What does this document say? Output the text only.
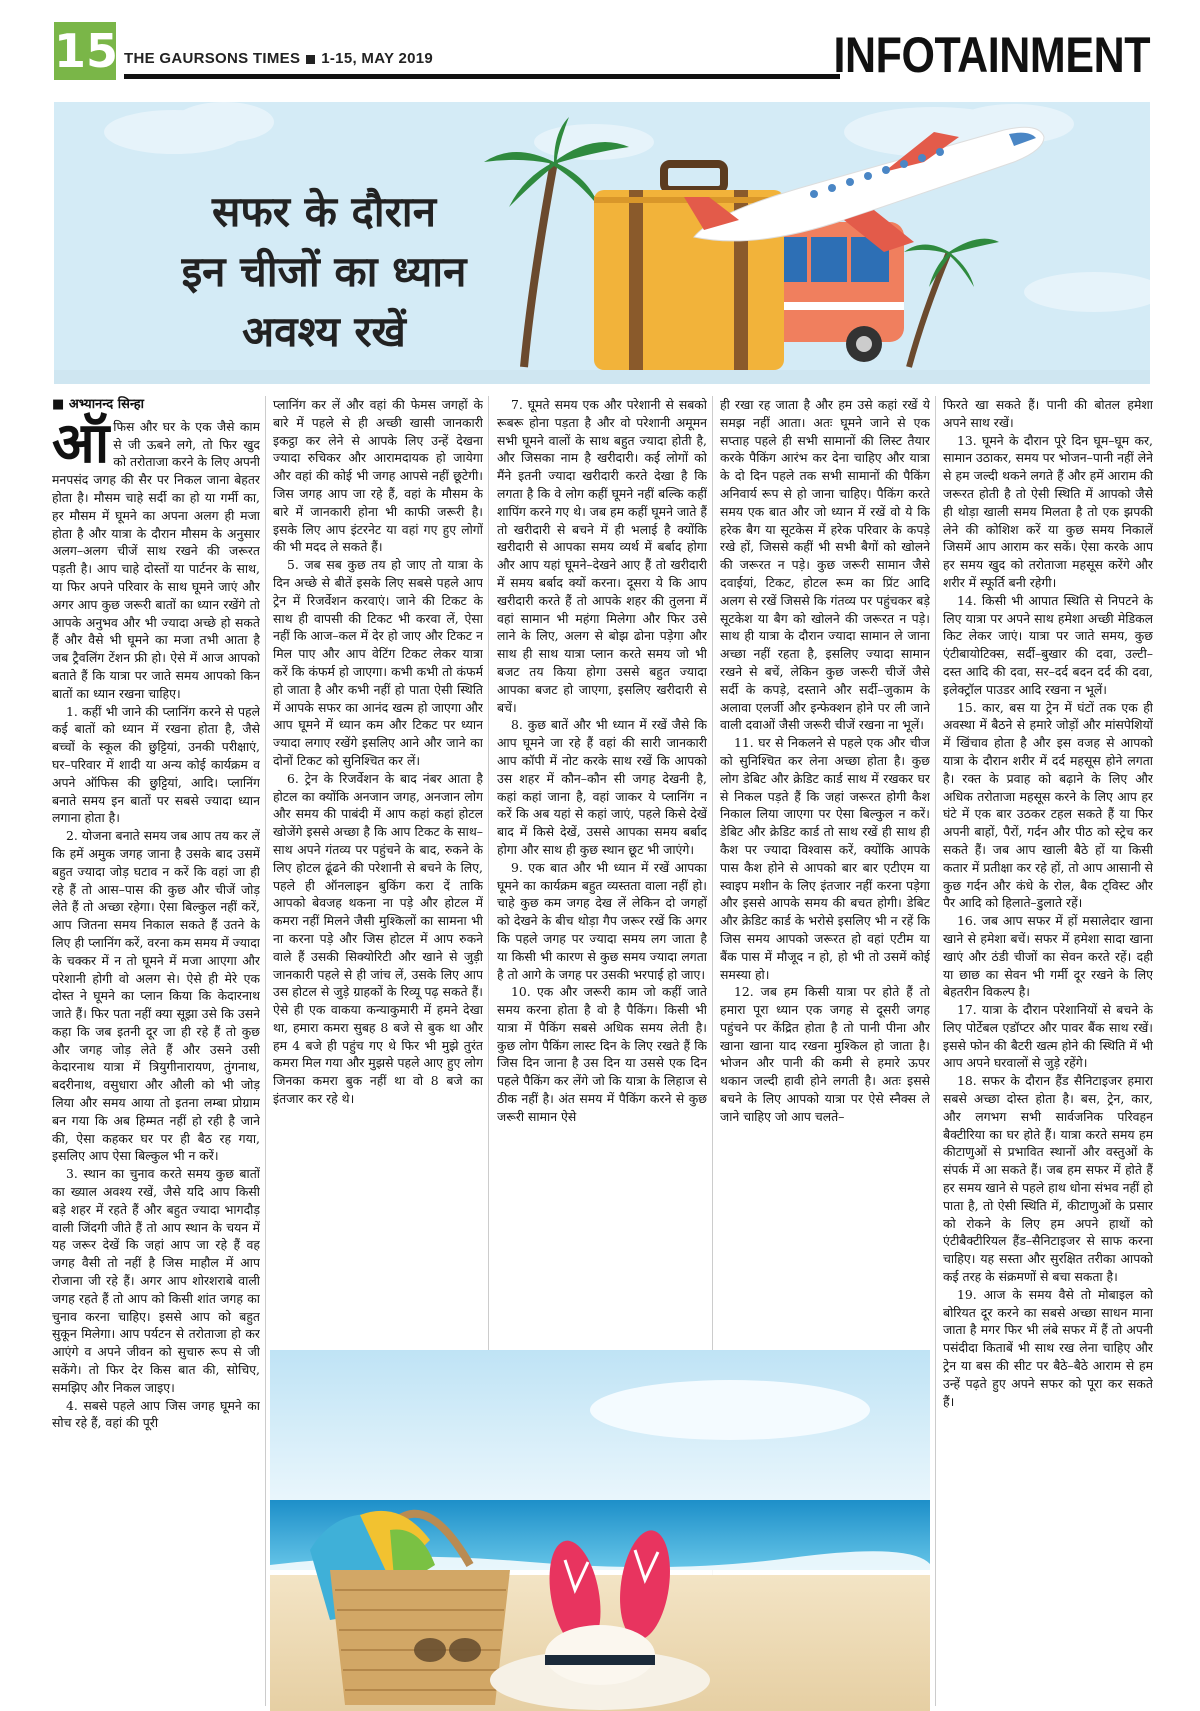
15 THE GAURSONS TIMES 1-15, MAY 2019	INFOTAINMENT
सफर के दौरान
इन चीजों का ध्यान
अवश्य रखें
■ अभ्यानन्द सिन्हा

ऑफिस और घर के एक जैसे काम से जी ऊबने लगे, तो फिर खुद को तरोताजा करने के लिए अपनी मनपसंद जगह की सैर पर निकल जाना बेहतर होता है। मौसम चाहे सर्दी का हो या गर्मी का, हर मौसम में घूमने का अपना अलग ही मजा होता है और यात्रा के दौरान मौसम के अनुसार अलग–अलग चीजें साथ रखने की जरूरत पड़ती है। आप चाहे दोस्तों या पार्टनर के साथ, या फिर अपने परिवार के साथ घूमने जाएं और अगर आप कुछ जरूरी बातों का ध्यान रखेंगे तो आपके अनुभव और भी ज्यादा अच्छे हो सकते हैं और वैसे भी घूमने का मजा तभी आता है जब ट्रैवलिंग टेंशन फ्री हो। ऐसे में आज आपको बताते हैं कि यात्रा पर जाते समय आपको किन बातों का ध्यान रखना चाहिए।

1. कहीं भी जाने की प्लानिंग करने से पहले कई बातों को ध्यान में रखना होता है, जैसे बच्चों के स्कूल की छुट्टियां, उनकी परीक्षाएं, घर–परिवार में शादी या अन्य कोई कार्यक्रम व अपने ऑफिस की छुट्टियां, आदि। प्लानिंग बनाते समय इन बातों पर सबसे ज्यादा ध्यान लगाना होता है।

2. योजना बनाते समय जब आप तय कर लें कि हमें अमुक जगह जाना है उसके बाद उसमें बहुत ज्यादा जोड़ घटाव न करें कि वहां जा ही रहे हैं तो आस–पास की कुछ और चीजें जोड़ लेते हैं तो अच्छा रहेगा। ऐसा बिल्कुल नहीं करें, आप जितना समय निकाल सकते हैं उतने के लिए ही प्लानिंग करें, वरना कम समय में ज्यादा के चक्कर में न तो घूमने में मजा आएगा और परेशानी होगी वो अलग से। ऐसे ही मेरे एक दोस्त ने घूमने का प्लान किया कि केदारनाथ जाते हैं। फिर पता नहीं क्या सूझा उसे कि उसने कहा कि जब इतनी दूर जा ही रहे हैं तो कुछ और जगह जोड़ लेते हैं और उसने उसी केदारनाथ यात्रा में त्रियुगीनारायण, तुंगनाथ, बदरीनाथ, वसुधारा और औली को भी जोड़ लिया और समय आया तो इतना लम्बा प्रोग्राम बन गया कि अब हिम्मत नहीं हो रही है जाने की, ऐसा कहकर घर पर ही बैठ रह गया, इसलिए आप ऐसा बिल्कुल भी न करें।

3. स्थान का चुनाव करते समय कुछ बातों का ख्याल अवश्य रखें, जैसे यदि आप किसी बड़े शहर में रहते हैं और बहुत ज्यादा भागदौड़ वाली जिंदगी जीते हैं तो आप स्थान के चयन में यह जरूर देखें कि जहां आप जा रहे हैं वह जगह वैसी तो नहीं है जिस माहौल में आप रोजाना जी रहे हैं। अगर आप शोरशराबे वाली जगह रहते हैं तो आप को किसी शांत जगह का चुनाव करना चाहिए। इससे आप को बहुत सुकून मिलेगा। आप पर्यटन से तरोताजा हो कर आएंगे व अपने जीवन को सुचारु रूप से जी सकेंगे। तो फिर देर किस बात की, सोचिए, समझिए और निकल जाइए।

4. सबसे पहले आप जिस जगह घूमने का सोच रहे हैं, वहां की पूरी

प्लानिंग कर लें और वहां की फेमस जगहों के बारे में पहले से ही अच्छी खासी जानकारी इकट्ठा कर लेने से आपके लिए उन्हें देखना ज्यादा रुचिकर और आरामदायक हो जायेगा और वहां की कोई भी जगह आपसे नहीं छूटेगी। जिस जगह आप जा रहे हैं, वहां के मौसम के बारे में जानकारी होना भी काफी जरूरी है। इसके लिए आप इंटरनेट या वहां गए हुए लोगों की भी मदद ले सकते हैं।

5. जब सब कुछ तय हो जाए तो यात्रा के दिन अच्छे से बीतें इसके लिए सबसे पहले आप ट्रेन में रिजर्वेशन करवाएं। जाने की टिकट के साथ ही वापसी की टिकट भी करवा लें, ऐसा नहीं कि आज–कल में देर हो जाए और टिकट न मिल पाए और आप वेटिंग टिकट लेकर यात्रा करें कि कंफर्म हो जाएगा। कभी कभी तो कंफर्म हो जाता है और कभी नहीं हो पाता ऐसी स्थिति में आपके सफर का आनंद खत्म हो जाएगा और आप घूमने में ध्यान कम और टिकट पर ध्यान ज्यादा लगाए रखेंगे इसलिए आने और जाने का दोनों टिकट को सुनिश्चित कर लें।

6. ट्रेन के रिजर्वेशन के बाद नंबर आता है होटल का क्योंकि अनजान जगह, अनजान लोग और समय की पाबंदी में आप कहां कहां होटल खोजेंगे इससे अच्छा है कि आप टिकट के साथ–साथ अपने गंतव्य पर पहुंचने के बाद, रुकने के लिए होटल ढूंढने की परेशानी से बचने के लिए, पहले ही ऑनलाइन बुकिंग करा दें ताकि आपको बेवजह थकना ना पड़े और होटल में कमरा नहीं मिलने जैसी मुश्किलों का सामना भी ना करना पड़े और जिस होटल में आप रुकने वाले हैं उसकी सिक्योरिटी और खाने से जुड़ी जानकारी पहले से ही जांच लें, उसके लिए आप उस होटल से जुड़े ग्राहकों के रिव्यू पढ़ सकते हैं। ऐसे ही एक वाकया कन्याकुमारी में हमने देखा था, हमारा कमरा सुबह 8 बजे से बुक था और हम 4 बजे ही पहुंच गए थे फिर भी मुझे तुरंत कमरा मिल गया और मुझसे पहले आए हुए लोग जिनका कमरा बुक नहीं था वो 8 बजे का इंतजार कर रहे थे।

7. घूमते समय एक और परेशानी से सबको रूबरू होना पड़ता है और वो परेशानी अमूमन सभी घूमने वालों के साथ बहुत ज्यादा होती है, और जिसका नाम है खरीदारी। कई लोगों को मैंने इतनी ज्यादा खरीदारी करते देखा है कि लगता है कि वे लोग कहीं घूमने नहीं बल्कि कहीं शापिंग करने गए थे। जब हम कहीं घूमने जाते हैं तो खरीदारी से बचने में ही भलाई है क्योंकि खरीदारी से आपका समय व्यर्थ में बर्बाद होगा और आप यहां घूमने–देखने आए हैं तो खरीदारी में समय बर्बाद क्यों करना। दूसरा ये कि आप खरीदारी करते हैं तो आपके शहर की तुलना में वहां सामान भी महंगा मिलेगा और फिर उसे लाने के लिए, अलग से बोझ ढोना पड़ेगा और साथ ही साथ यात्रा प्लान करते समय जो भी बजट तय किया होगा उससे बहुत ज्यादा आपका बजट हो जाएगा, इसलिए खरीदारी से बचें।

8. कुछ बातें और भी ध्यान में रखें जैसे कि आप घूमने जा रहे हैं वहां की सारी जानकारी आप कॉपी में नोट करके साथ रखें कि आपको उस शहर में कौन–कौन सी जगह देखनी है, कहां कहां जाना है, वहां जाकर ये प्लानिंग न करें कि अब यहां से कहां जाएं, पहले किसे देखें बाद में किसे देखें, उससे आपका समय बर्बाद होगा और साथ ही कुछ स्थान छूट भी जाएंगे।

9. एक बात और भी ध्यान में रखें आपका घूमने का कार्यक्रम बहुत व्यस्तता वाला नहीं हो। चाहे कुछ कम जगह देख लें लेकिन दो जगहों को देखने के बीच थोड़ा गैप जरूर रखें कि अगर कि पहले जगह पर ज्यादा समय लग जाता है या किसी भी कारण से कुछ समय ज्यादा लगता है तो आगे के जगह पर उसकी भरपाई हो जाए।

10. एक और जरूरी काम जो कहीं जाते समय करना होता है वो है पैकिंग। किसी भी यात्रा में पैकिंग सबसे अधिक समय लेती है। कुछ लोग पैकिंग लास्ट दिन के लिए रखते हैं कि जिस दिन जाना है उस दिन या उससे एक दिन पहले पैकिंग कर लेंगे जो कि यात्रा के लिहाज से ठीक नहीं है। अंत समय में पैकिंग करने से कुछ जरूरी सामान ऐसे

ही रखा रह जाता है और हम उसे कहां रखें ये समझ नहीं आता। अतः घूमने जाने से एक सप्ताह पहले ही सभी सामानों की लिस्ट तैयार करके पैकिंग आरंभ कर देना चाहिए और यात्रा के दो दिन पहले तक सभी सामानों की पैकिंग अनिवार्य रूप से हो जाना चाहिए। पैकिंग करते समय एक बात और जो ध्यान में रखें वो ये कि हरेक बैग या सूटकेस में हरेक परिवार के कपड़े रखे हों, जिससे कहीं भी सभी बैगों को खोलने की जरूरत न पड़े। कुछ जरूरी सामान जैसे दवाईयां, टिकट, होटल रूम का प्रिंट आदि अलग से रखें जिससे कि गंतव्य पर पहुंचकर बड़े सूटकेश या बैग को खोलने की जरूरत न पड़े। साथ ही यात्रा के दौरान ज्यादा सामान ले जाना अच्छा नहीं रहता है, इसलिए ज्यादा सामान रखने से बचें, लेकिन कुछ जरूरी चीजें जैसे सर्दी के कपड़े, दस्ताने और सर्दी–जुकाम के अलावा एलर्जी और इन्फेक्शन होने पर ली जाने वाली दवाओं जैसी जरूरी चीजें रखना ना भूलें।

11. घर से निकलने से पहले एक और चीज को सुनिश्चित कर लेना अच्छा होता है। कुछ लोग डेबिट और क्रेडिट कार्ड साथ में रखकर घर से निकल पड़ते हैं कि जहां जरूरत होगी कैश निकाल लिया जाएगा पर ऐसा बिल्कुल न करें। डेबिट और क्रेडिट कार्ड तो साथ रखें ही साथ ही कैश पर ज्यादा विश्वास करें, क्योंकि आपके पास कैश होने से आपको बार बार एटीएम या स्वाइप मशीन के लिए इंतजार नहीं करना पड़ेगा और इससे आपके समय की बचत होगी। डेबिट और क्रेडिट कार्ड के भरोसे इसलिए भी न रहें कि जिस समय आपको जरूरत हो वहां एटीम या बैंक पास में मौजूद न हो, हो भी तो उसमें कोई समस्या हो।

12. जब हम किसी यात्रा पर होते हैं तो हमारा पूरा ध्यान एक जगह से दूसरी जगह पहुंचने पर केंद्रित होता है तो पानी पीना और खाना खाना याद रखना मुश्किल हो जाता है। भोजन और पानी की कमी से हमारे ऊपर थकान जल्दी हावी होने लगती है। अतः इससे बचने के लिए आपको यात्रा पर ऐसे स्नैक्स ले जाने चाहिए जो आप चलते–

फिरते खा सकते हैं। पानी की बोतल हमेशा अपने साथ रखें।

13. घूमने के दौरान पूरे दिन घूम–घूम कर, सामान उठाकर, समय पर भोजन–पानी नहीं लेने से हम जल्दी थकने लगते हैं और हमें आराम की जरूरत होती है तो ऐसी स्थिति में आपको जैसे ही थोड़ा खाली समय मिलता है तो एक झपकी लेने की कोशिश करें या कुछ समय निकालें जिसमें आप आराम कर सकें। ऐसा करके आप हर समय खुद को तरोताजा महसूस करेंगे और शरीर में स्फूर्ति बनी रहेगी।

14. किसी भी आपात स्थिति से निपटने के लिए यात्रा पर अपने साथ हमेशा अच्छी मेडिकल किट लेकर जाएं। यात्रा पर जाते समय, कुछ एंटीबायोटिक्स, सर्दी–बुखार की दवा, उल्टी–दस्त आदि की दवा, सर–दर्द बदन दर्द की दवा, इलेक्ट्रॉल पाउडर आदि रखना न भूलें।

15. कार, बस या ट्रेन में घंटों तक एक ही अवस्था में बैठने से हमारे जोड़ों और मांसपेशियों में खिंचाव होता है और इस वजह से आपको यात्रा के दौरान शरीर में दर्द महसूस होने लगता है। रक्त के प्रवाह को बढ़ाने के लिए और अधिक तरोताजा महसूस करने के लिए आप हर घंटे में एक बार उठकर टहल सकते हैं या फिर अपनी बाहों, पैरों, गर्दन और पीठ को स्ट्रेच कर सकते हैं। जब आप खाली बैठे हों या किसी कतार में प्रतीक्षा कर रहे हों, तो आप आसानी से कुछ गर्दन और कंधे के रोल, बैक ट्विस्ट और पैर आदि को हिलाते–डुलाते रहें।

16. जब आप सफर में हों मसालेदार खाना खाने से हमेशा बचें। सफर में हमेशा सादा खाना खाएं और ठंडी चीजों का सेवन करते रहें। दही या छाछ का सेवन भी गर्मी दूर रखने के लिए बेहतरीन विकल्प है।

17. यात्रा के दौरान परेशानियों से बचने के लिए पोर्टेबल एडॉप्टर और पावर बैंक साथ रखें। इससे फोन की बैटरी खत्म होने की स्थिति में भी आप अपने घरवालों से जुड़े रहेंगे।

18. सफर के दौरान हैंड सैनिटाइजर हमारा सबसे अच्छा दोस्त होता है। बस, ट्रेन, कार, और लगभग सभी सार्वजनिक परिवहन बैक्टीरिया का घर होते हैं। यात्रा करते समय हम कीटाणुओं से प्रभावित स्थानों और वस्तुओं के संपर्क में आ सकते हैं। जब हम सफर में होते हैं हर समय खाने से पहले हाथ धोना संभव नहीं हो पाता है, तो ऐसी स्थिति में, कीटाणुओं के प्रसार को रोकने के लिए हम अपने हाथों को एंटीबैक्टीरियल हैंड–सैनिटाइजर से साफ करना चाहिए। यह सस्ता और सुरक्षित तरीका आपको कई तरह के संक्रमणों से बचा सकता है।

19. आज के समय वैसे तो मोबाइल को बोरियत दूर करने का सबसे अच्छा साधन माना जाता है मगर फिर भी लंबे सफर में हैं तो अपनी पसंदीदा किताबें भी साथ रख लेना चाहिए और ट्रेन या बस की सीट पर बैठे–बैठे आराम से हम उन्हें पढ़ते हुए अपने सफर को पूरा कर सकते हैं।
